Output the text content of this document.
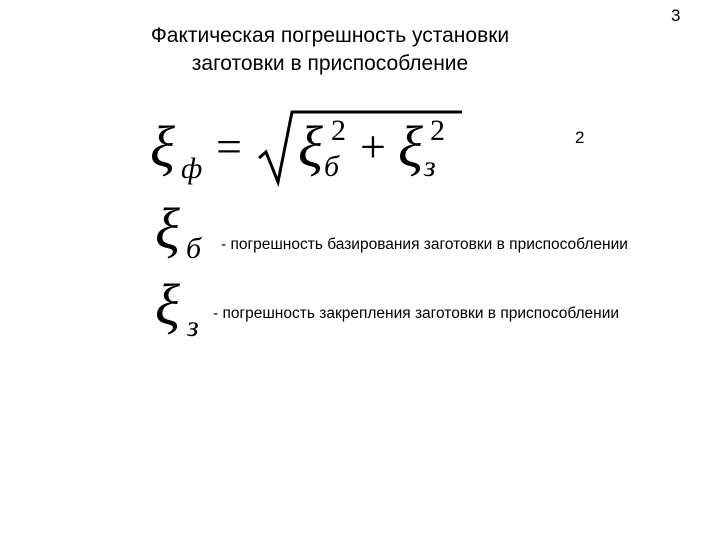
3
Фактическая погрешность установки
заготовки в приспособление
ξ ф = ξ б
2 + ξ з
2	2
ξ б - погрешность базирования заготовки в приспособлении
ξ з - погрешность закрепления заготовки в приспособлении
